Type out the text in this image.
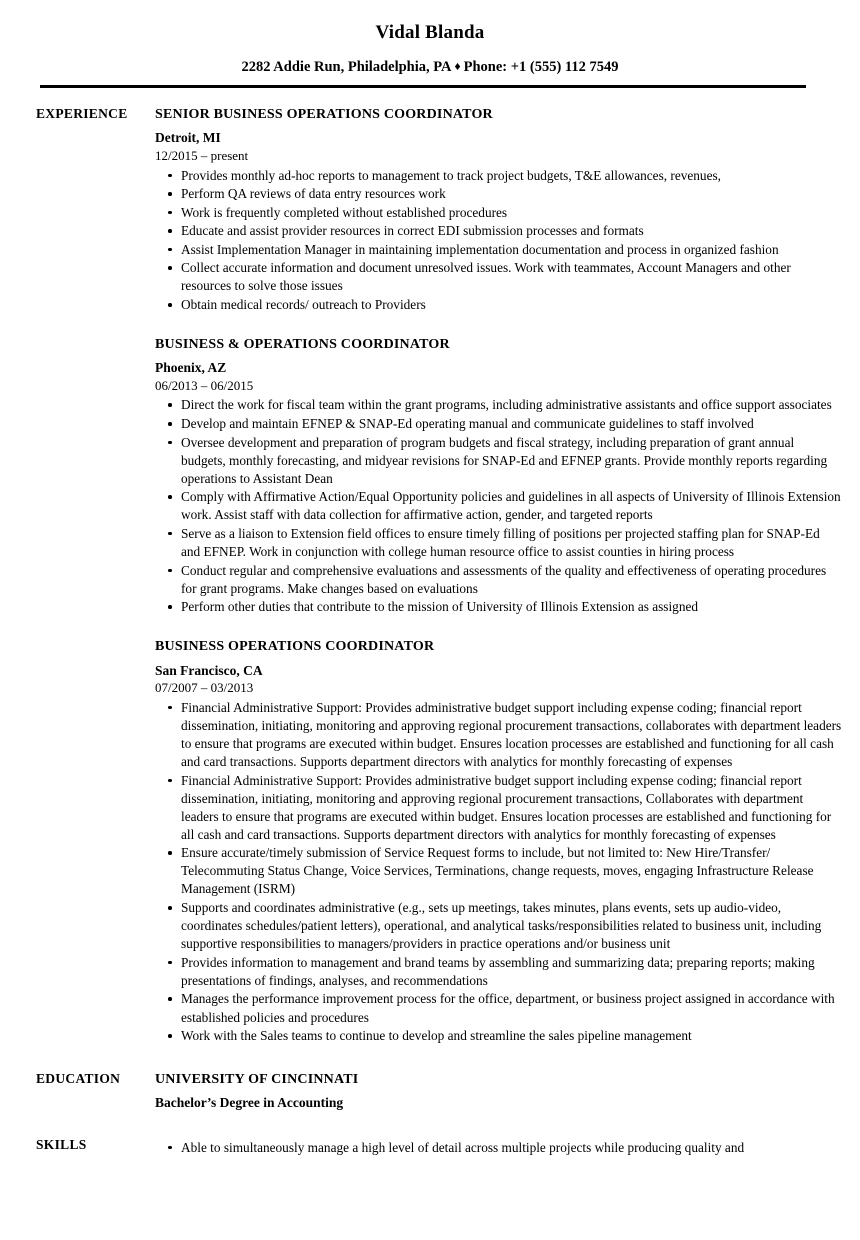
Vidal Blanda
2282 Addie Run, Philadelphia, PA ♦ Phone: +1 (555) 112 7549
EXPERIENCE	SENIOR BUSINESS OPERATIONS COORDINATOR
Detroit, MI
12/2015 – present
Provides monthly ad-hoc reports to management to track project budgets, T&E allowances, revenues,
Perform QA reviews of data entry resources work
Work is frequently completed without established procedures
Educate and assist provider resources in correct EDI submission processes and formats
Assist Implementation Manager in maintaining implementation documentation and process in organized fashion
Collect accurate information and document unresolved issues. Work with teammates, Account Managers and other resources to solve those issues
Obtain medical records/ outreach to Providers
BUSINESS & OPERATIONS COORDINATOR
Phoenix, AZ
06/2013 – 06/2015
Direct the work for fiscal team within the grant programs, including administrative assistants and office support associates
Develop and maintain EFNEP & SNAP-Ed operating manual and communicate guidelines to staff involved
Oversee development and preparation of program budgets and fiscal strategy, including preparation of grant annual budgets, monthly forecasting, and midyear revisions for SNAP-Ed and EFNEP grants. Provide monthly reports regarding operations to Assistant Dean
Comply with Affirmative Action/Equal Opportunity policies and guidelines in all aspects of University of Illinois Extension work. Assist staff with data collection for affirmative action, gender, and targeted reports
Serve as a liaison to Extension field offices to ensure timely filling of positions per projected staffing plan for SNAP-Ed and EFNEP. Work in conjunction with college human resource office to assist counties in hiring process
Conduct regular and comprehensive evaluations and assessments of the quality and effectiveness of operating procedures for grant programs. Make changes based on evaluations
Perform other duties that contribute to the mission of University of Illinois Extension as assigned
BUSINESS OPERATIONS COORDINATOR
San Francisco, CA
07/2007 – 03/2013
Financial Administrative Support: Provides administrative budget support including expense coding; financial report dissemination, initiating, monitoring and approving regional procurement transactions, collaborates with department leaders to ensure that programs are executed within budget. Ensures location processes are established and functioning for all cash and card transactions. Supports department directors with analytics for monthly forecasting of expenses
Financial Administrative Support: Provides administrative budget support including expense coding; financial report dissemination, initiating, monitoring and approving regional procurement transactions, Collaborates with department leaders to ensure that programs are executed within budget. Ensures location processes are established and functioning for all cash and card transactions. Supports department directors with analytics for monthly forecasting of expenses
Ensure accurate/timely submission of Service Request forms to include, but not limited to: New Hire/Transfer/ Telecommuting Status Change, Voice Services, Terminations, change requests, moves, engaging Infrastructure Release Management (ISRM)
Supports and coordinates administrative (e.g., sets up meetings, takes minutes, plans events, sets up audio-video, coordinates schedules/patient letters), operational, and analytical tasks/responsibilities related to business unit, including supportive responsibilities to managers/providers in practice operations and/or business unit
Provides information to management and brand teams by assembling and summarizing data; preparing reports; making presentations of findings, analyses, and recommendations
Manages the performance improvement process for the office, department, or business project assigned in accordance with established policies and procedures
Work with the Sales teams to continue to develop and streamline the sales pipeline management
EDUCATION	UNIVERSITY OF CINCINNATI
Bachelor’s Degree in Accounting
SKILLS	Able to simultaneously manage a high level of detail across multiple projects while producing quality and
